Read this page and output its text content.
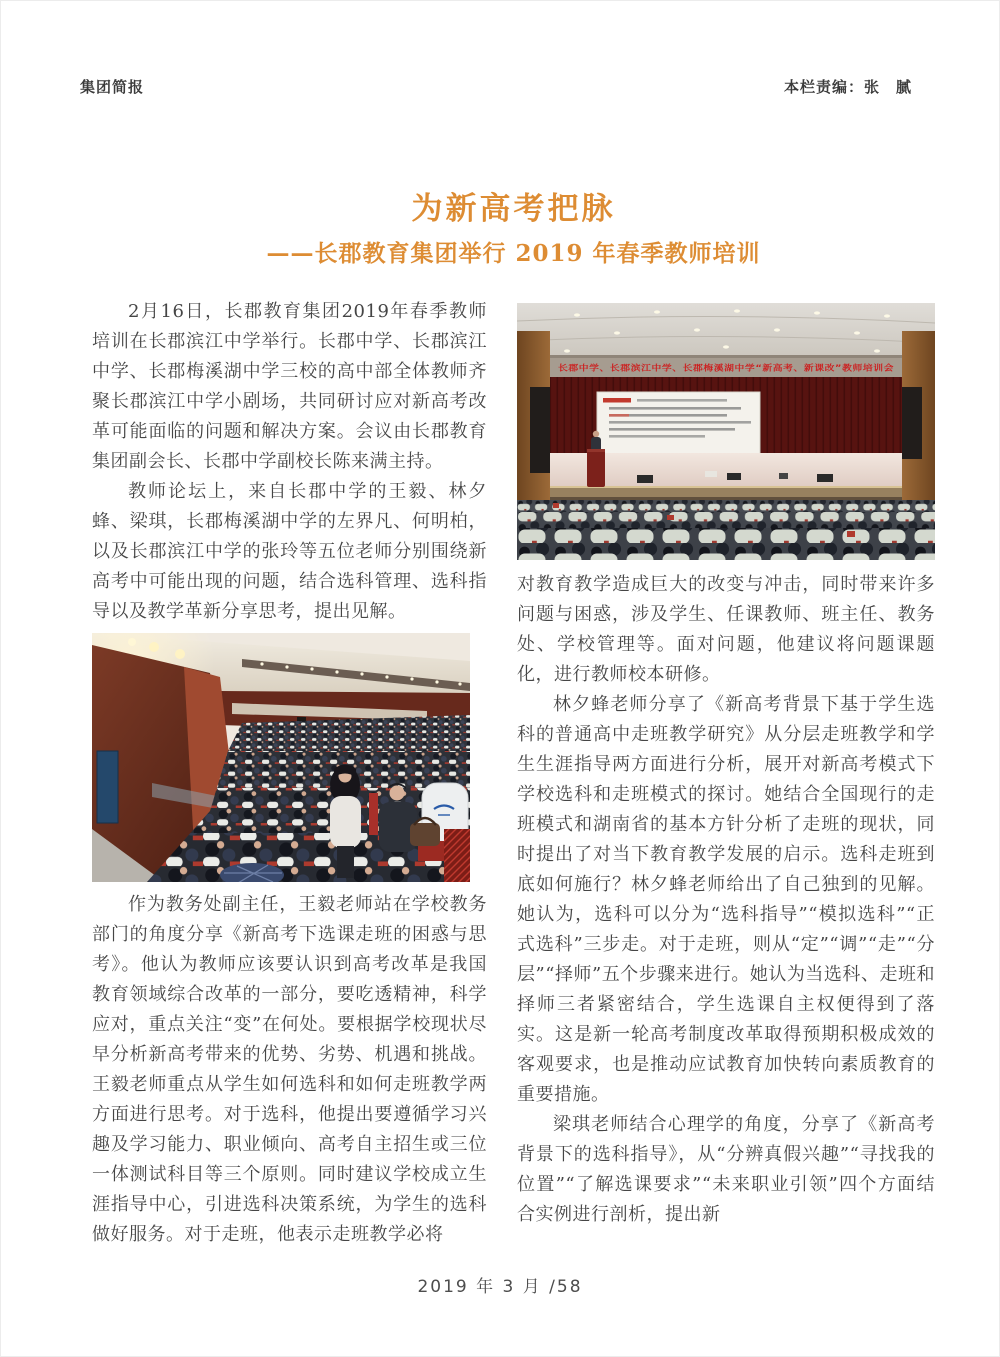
集团简报	本栏责编：张　腻
为新高考把脉
——长郡教育集团举行 2019 年春季教师培训

2月16日，长郡教育集团2019年春季教师培训在长郡滨江中学举行。长郡中学、长郡滨江中学、长郡梅溪湖中学三校的高中部全体教师齐聚长郡滨江中学小剧场，共同研讨应对新高考改革可能面临的问题和解决方案。会议由长郡教育集团副会长、长郡中学副校长陈来满主持。

教师论坛上，来自长郡中学的王毅、林夕蜂、梁琪，长郡梅溪湖中学的左界凡、何明柏，以及长郡滨江中学的张玲等五位老师分别围绕新高考中可能出现的问题，结合选科管理、选科指导以及教学革新分享思考，提出见解。

作为教务处副主任，王毅老师站在学校教务部门的角度分享《新高考下选课走班的困惑与思考》。他认为教师应该要认识到高考改革是我国教育领域综合改革的一部分，要吃透精神，科学应对，重点关注“变”在何处。要根据学校现状尽早分析新高考带来的优势、劣势、机遇和挑战。王毅老师重点从学生如何选科和如何走班教学两方面进行思考。对于选科，他提出要遵循学习兴趣及学习能力、职业倾向、高考自主招生或三位一体测试科目等三个原则。同时建议学校成立生涯指导中心，引进选科决策系统，为学生的选科做好服务。对于走班，他表示走班教学必将

长郡中学、长郡滨江中学、长郡梅溪湖中学“新高考、新课改”教师培训会

对教育教学造成巨大的改变与冲击，同时带来许多问题与困惑，涉及学生、任课教师、班主任、教务处、学校管理等。面对问题，他建议将问题课题化，进行教师校本研修。

林夕蜂老师分享了《新高考背景下基于学生选科的普通高中走班教学研究》从分层走班教学和学生生涯指导两方面进行分析，展开对新高考模式下学校选科和走班模式的探讨。她结合全国现行的走班模式和湖南省的基本方针分析了走班的现状，同时提出了对当下教育教学发展的启示。选科走班到底如何施行？林夕蜂老师给出了自己独到的见解。她认为，选科可以分为“选科指导”“模拟选科”“正式选科”三步走。对于走班，则从“定”“调”“走”“分层”“择师”五个步骤来进行。她认为当选科、走班和择师三者紧密结合，学生选课自主权便得到了落实。这是新一轮高考制度改革取得预期积极成效的客观要求，也是推动应试教育加快转向素质教育的重要措施。

梁琪老师结合心理学的角度，分享了《新高考背景下的选科指导》，从“分辨真假兴趣”“寻找我的位置”“了解选课要求”“未来职业引领”四个方面结合实例进行剖析，提出新

2019 年 3 月 ∕58
